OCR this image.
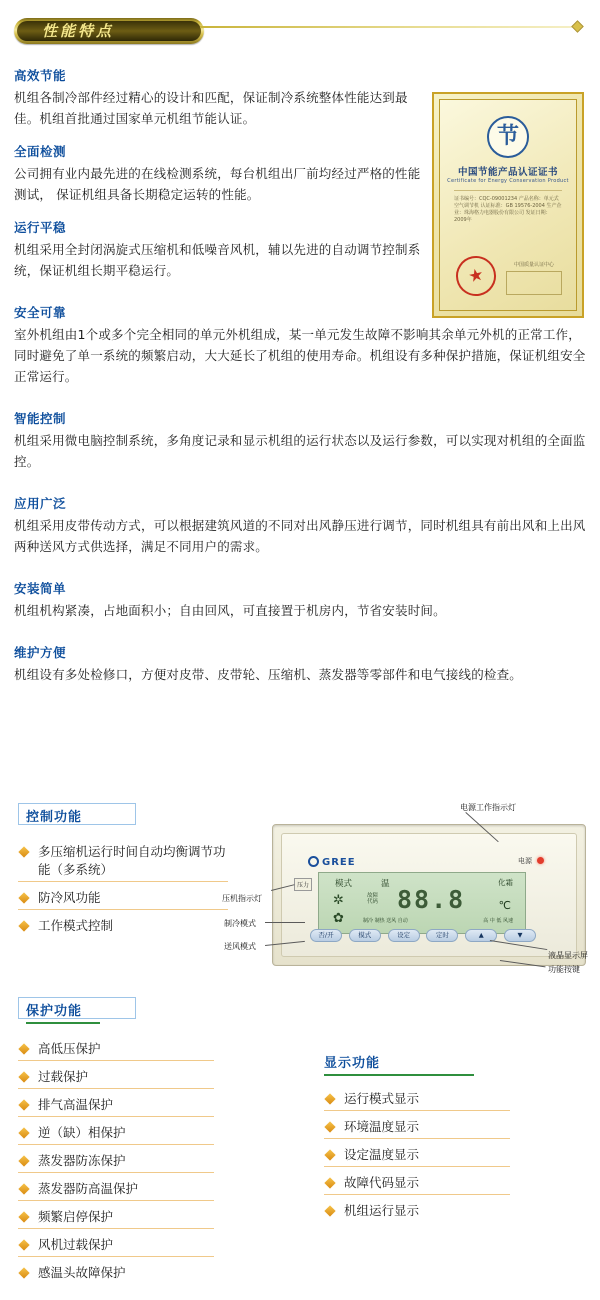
性能特点
节
中国节能产品认证证书
Certificate for Energy Conservation Product
证书编号：CQC-09001234 产品名称：单元式空气调节机 认证标准：GB 19576-2004 生产企业：珠海格力电器股份有限公司 发证日期：2009年
★	中国质量认证中心
高效节能

机组各制冷部件经过精心的设计和匹配，保证制冷系统整体性能达到最佳。机组首批通过国家单元机组节能认证。

全面检测

公司拥有业内最先进的在线检测系统，每台机组出厂前均经过严格的性能测试， 保证机组具备长期稳定运转的性能。

运行平稳

机组采用全封闭涡旋式压缩机和低噪音风机，辅以先进的自动调节控制系统，保证机组长期平稳运行。

安全可靠

室外机组由1个或多个完全相同的单元外机组成，某一单元发生故障不影响其余单元外机的正常工作，同时避免了单一系统的频繁启动，大大延长了机组的使用寿命。机组设有多种保护措施，保证机组安全正常运行。

智能控制

机组采用微电脑控制系统，多角度记录和显示机组的运行状态以及运行参数，可以实现对机组的全面监控。

应用广泛

机组采用皮带传动方式，可以根据建筑风道的不同对出风静压进行调节，同时机组具有前出风和上出风两种送风方式供选择，满足不同用户的需求。

安装简单

机组机构紧凑，占地面积小；自由回风，可直接置于机房内，节省安装时间。

维护方便

机组设有多处检修口，方便对皮带、皮带轮、压缩机、蒸发器等零部件和电气接线的检查。

控制功能
多压缩机运行时间自动均衡调节功能（多系统）
防冷风功能
工作模式控制
保护功能
高低压保护
过载保护
排气高温保护
逆（缺）相保护
蒸发器防冻保护
蒸发器防高温保护
频繁启停保护
风机过载保护
感温头故障保护
显示功能
运行模式显示
环境温度显示
设定温度显示
故障代码显示
机组运行显示
GREE	电源
压力	模式	温	化霜
故障 代码
✲
✿
88.8	℃
制冷 制热 送风 自动	高 中 低 风速
否/开	模式	设定	定时	▲	▼
电源工作指示灯
压机指示灯
制冷模式
送风模式
液晶显示屏
功能按键
